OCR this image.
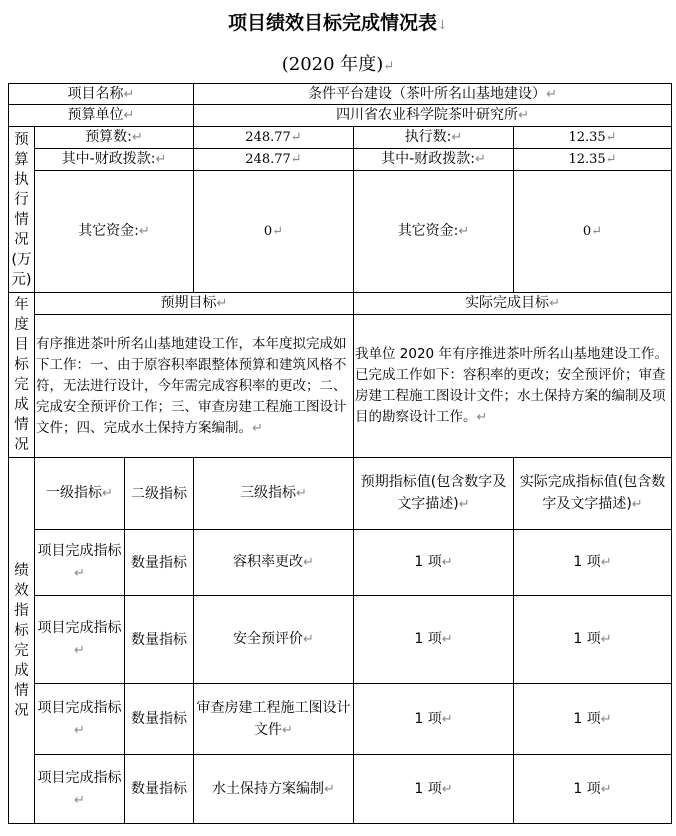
项目绩效目标完成情况表↓
(2020 年度)↵
项目名称↵			条件平台建设（茶叶所名山基地建设）↵		
预算单位↵			四川省农业科学院茶叶研究所↵		
预算执行情况(万元)	预算数:↵		248.77↵	执行数:↵	12.35↵
	其中-财政拨款:↵		248.77↵	其中-财政拨款:↵	12.35↵
	其它资金:↵		0↵	其它资金:↵	0↵
年度目标完成情况	预期目标↵			实际完成目标↵	
	有序推进茶叶所名山基地建设工作，本年度拟完成如下工作：一、由于原容积率跟整体预算和建筑风格不符，无法进行设计，今年需完成容积率的更改；二、完成安全预评价工作；三、审查房建工程施工图设计文件；四、完成水土保持方案编制。↵			我单位 2020 年有序推进茶叶所名山基地建设工作。已完成工作如下：容积率的更改；安全预评价；审查房建工程施工图设计文件；水土保持方案的编制及项目的勘察设计工作。↵	
绩效指标完成情况	一级指标↵	二级指标	三级指标↵	预期指标值(包含数字及文字描述)↵	实际完成指标值(包含数字及文字描述)↵
	项目完成指标↵	数量指标	容积率更改↵	1 项↵	1 项↵
	项目完成指标↵	数量指标	安全预评价↵	1 项↵	1 项↵
	项目完成指标↵	数量指标	审查房建工程施工图设计文件↵	1 项↵	1 项↵
	项目完成指标↵	数量指标	水土保持方案编制↵	1 项↵	1 项↵
